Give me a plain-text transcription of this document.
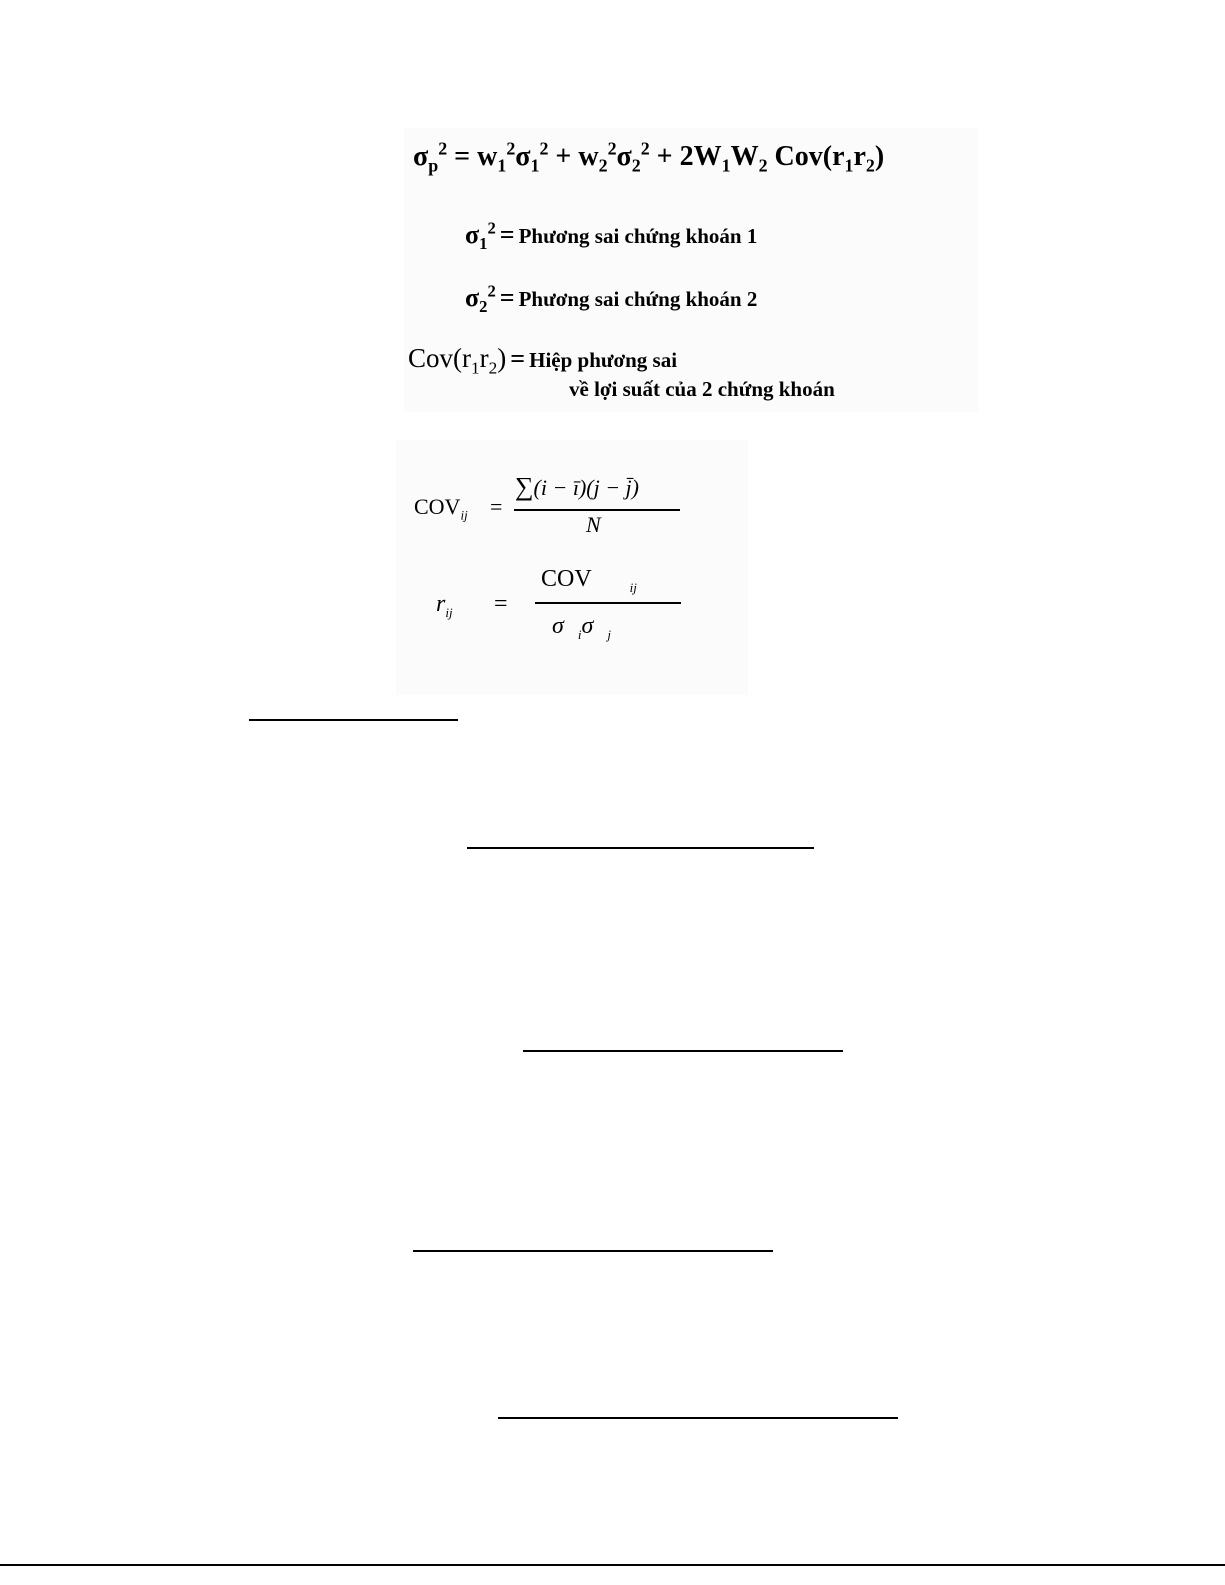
$\sigma_p^2 = w_1^2\sigma_1^2 + w_2^2\sigma_2^2 + 2W_1W_2$ $Cov(r_1r_2)$
$\sigma_1^2$ = Phương sai chứng khoán 1
$\sigma_2^2$ = Phương sai chứng khoán 2
$Cov(r_1r_2)$ = Hiệp phương sai
về lợi suất của 2 chứng khoán
$COV_{ij}$ =
∑(i − ī)(j − j̄)
N
$r_{ij}$ =
COV	$_{ij}$
σ $_i$σ $_j$
